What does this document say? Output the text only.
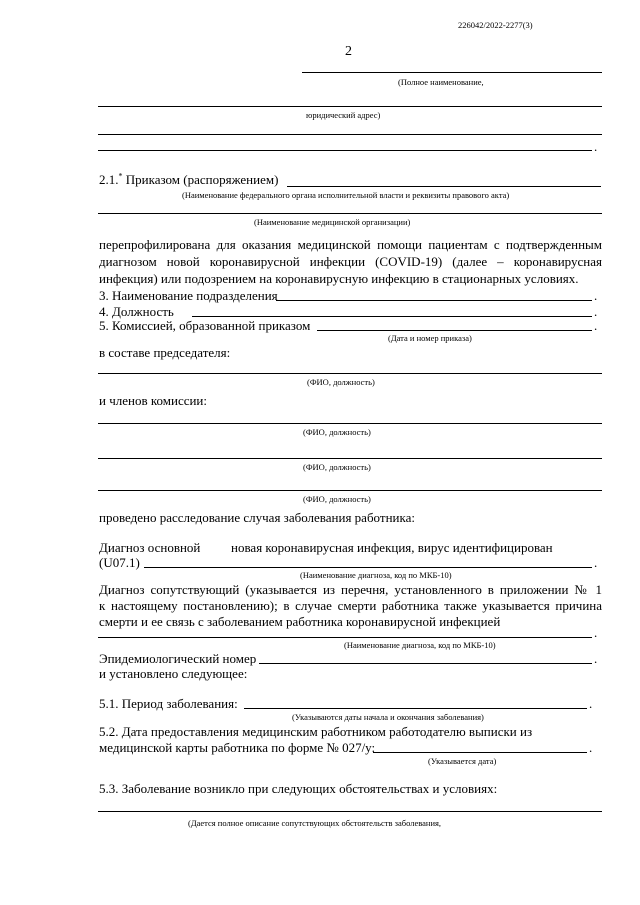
226042/2022-2277(3)
2
(Полное наименование,
юридический адрес)
.
2.1.* Приказом (распоряжением)
(Наименование федерального органа исполнительной власти и реквизиты правового акта)
(Наименование медицинской организации)
перепрофилирована для оказания медицинской помощи пациентам с подтвержденным
диагнозом новой коронавирусной инфекции (COVID-19) (далее – коронавирусная
инфекция) или подозрением на коронавирусную инфекцию в стационарных условиях.
3. Наименование подразделения	.
4. Должность	.
5. Комиссией, образованной приказом	.
(Дата и номер приказа)
в составе председателя:
(ФИО, должность)
и членов комиссии:
(ФИО, должность)
(ФИО, должность)
(ФИО, должность)
проведено расследование случая заболевания работника:
Диагноз основной новая коронавирусная инфекция, вирус идентифицирован
(U07.1)	.
(Наименование диагноза, код по МКБ-10)
Диагноз сопутствующий (указывается из перечня, установленного в приложении № 1
к настоящему постановлению); в случае смерти работника также указывается причина
смерти и ее связь с заболеванием работника коронавирусной инфекцией
.
(Наименование диагноза, код по МКБ-10)
Эпидемиологический номер	.
и установлено следующее:
5.1. Период заболевания:	.
(Указываются даты начала и окончания заболевания)
5.2. Дата предоставления медицинским работником работодателю выписки из
медицинской карты работника по форме № 027/у:	.
(Указывается дата)
5.3. Заболевание возникло при следующих обстоятельствах и условиях:
(Дается полное описание сопутствующих обстоятельств заболевания,
